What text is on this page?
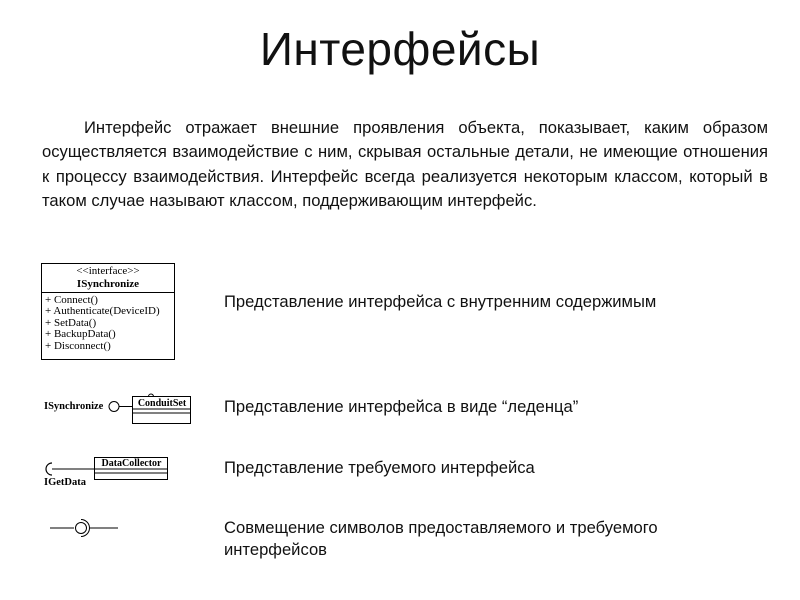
Интерфейсы

Интерфейс отражает внешние проявления объекта, показывает, каким образом осуществляется взаимодействие с ним, скрывая остальные детали, не имеющие отношения к процессу взаимодействия. Интерфейс всегда реализуется некоторым классом, который в таком случае называют классом, поддерживающим интерфейс.

<<interface>>
ISynchronize
+ Connect()
+ Authenticate(DeviceID)
+ SetData()
+ BackupData()
+ Disconnect()
Представление интерфейса с внутренним содержимым
ISynchronize	ConduitSet Представление интерфейса в виде “леденца”
DataCollector
IGetData
Представление требуемого интерфейса
Совмещение символов предоставляемого и требуемого интерфейсов
